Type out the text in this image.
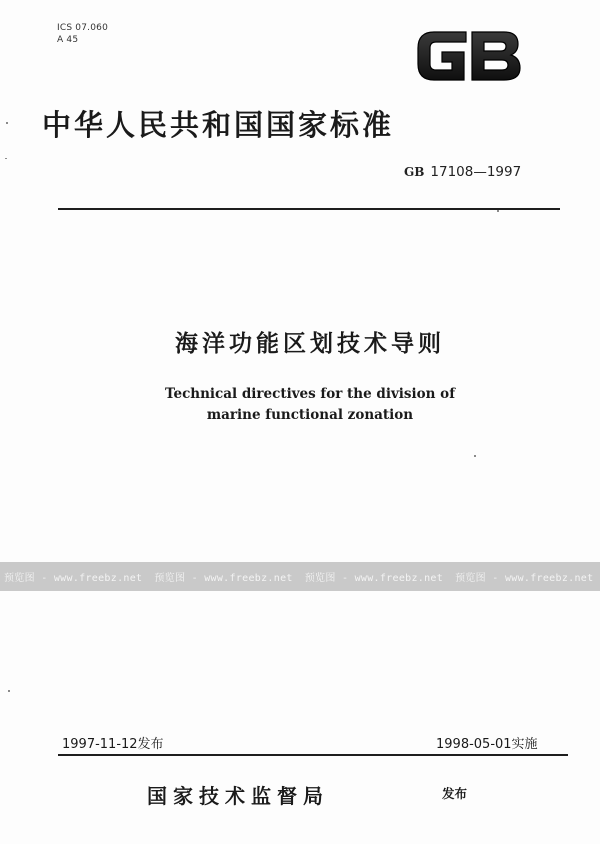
ICS 07.060
A 45
中华人民共和国国家标准
GB 17108—1997
海洋功能区划技术导则
Technical directives for the division of
marine functional zonation
预览图 - www.freebz.net 预览图 - www.freebz.net 预览图 - www.freebz.net 预览图 - www.freebz.net
1997-11-12发布	1998-05-01实施
国家技术监督局	发布
